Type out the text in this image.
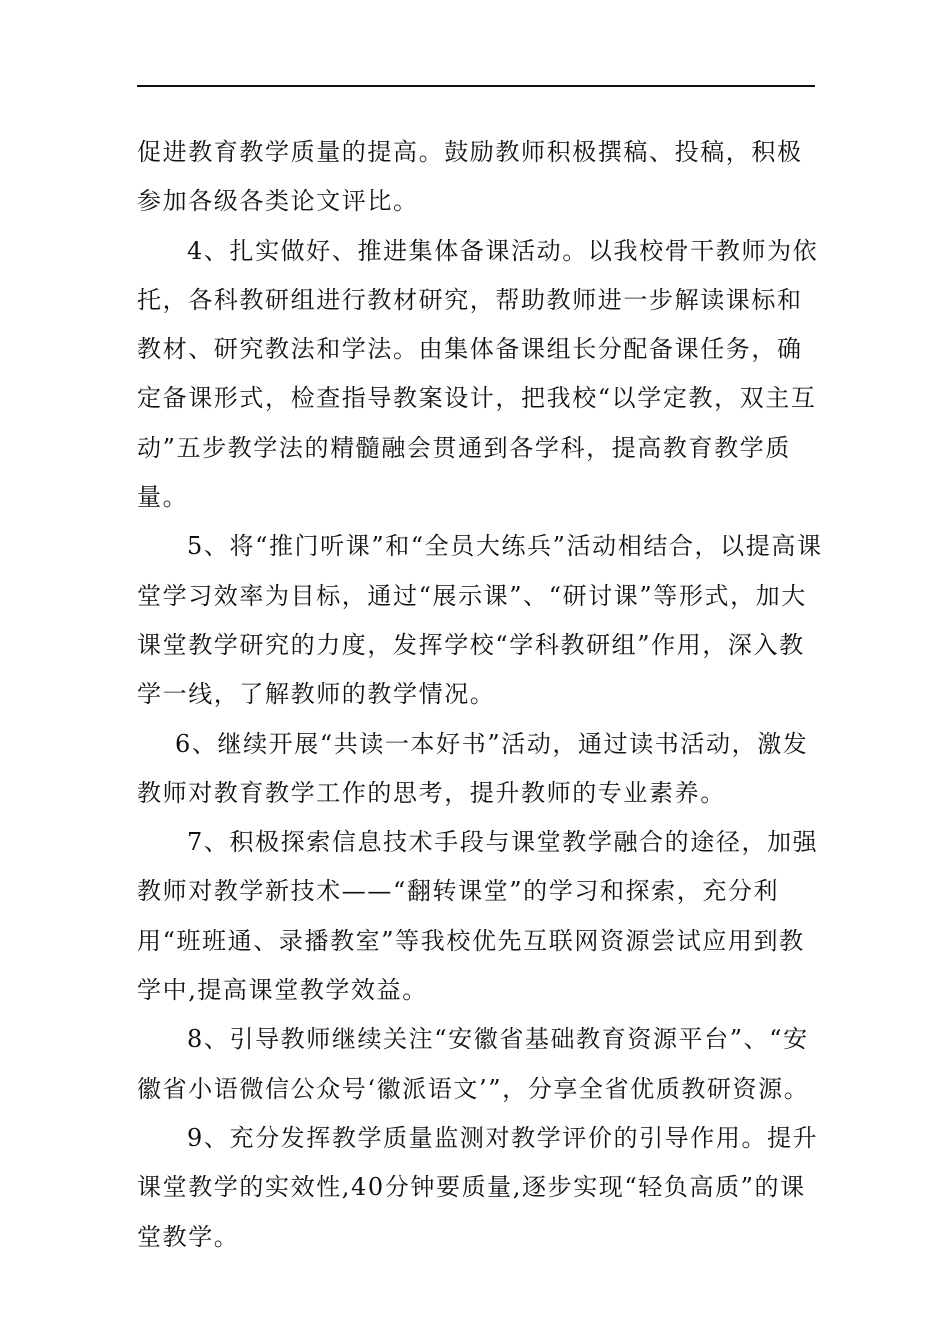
促进教育教学质量的提高。鼓励教师积极撰稿、投稿，积极参加各级各类论文评比。

4、扎实做好、推进集体备课活动。以我校骨干教师为依托，各科教研组进行教材研究，帮助教师进一步解读课标和教材、研究教法和学法。由集体备课组长分配备课任务，确定备课形式，检查指导教案设计，把我校“以学定教，双主互动”五步教学法的精髓融会贯通到各学科，提高教育教学质量。

5、将“推门听课”和“全员大练兵”活动相结合，以提高课堂学习效率为目标，通过“展示课”、“研讨课”等形式，加大课堂教学研究的力度，发挥学校“学科教研组”作用，深入教学一线，了解教师的教学情况。

6、继续开展“共读一本好书”活动，通过读书活动，激发教师对教育教学工作的思考，提升教师的专业素养。

7、积极探索信息技术手段与课堂教学融合的途径，加强教师对教学新技术——“翻转课堂”的学习和探索，充分利用“班班通、录播教室”等我校优先互联网资源尝试应用到教学中,提高课堂教学效益。

8、引导教师继续关注“安徽省基础教育资源平台”、“安徽省小语微信公众号‘徽派语文’”，分享全省优质教研资源。

9、充分发挥教学质量监测对教学评价的引导作用。提升课堂教学的实效性,40分钟要质量,逐步实现“轻负高质”的课堂教学。
